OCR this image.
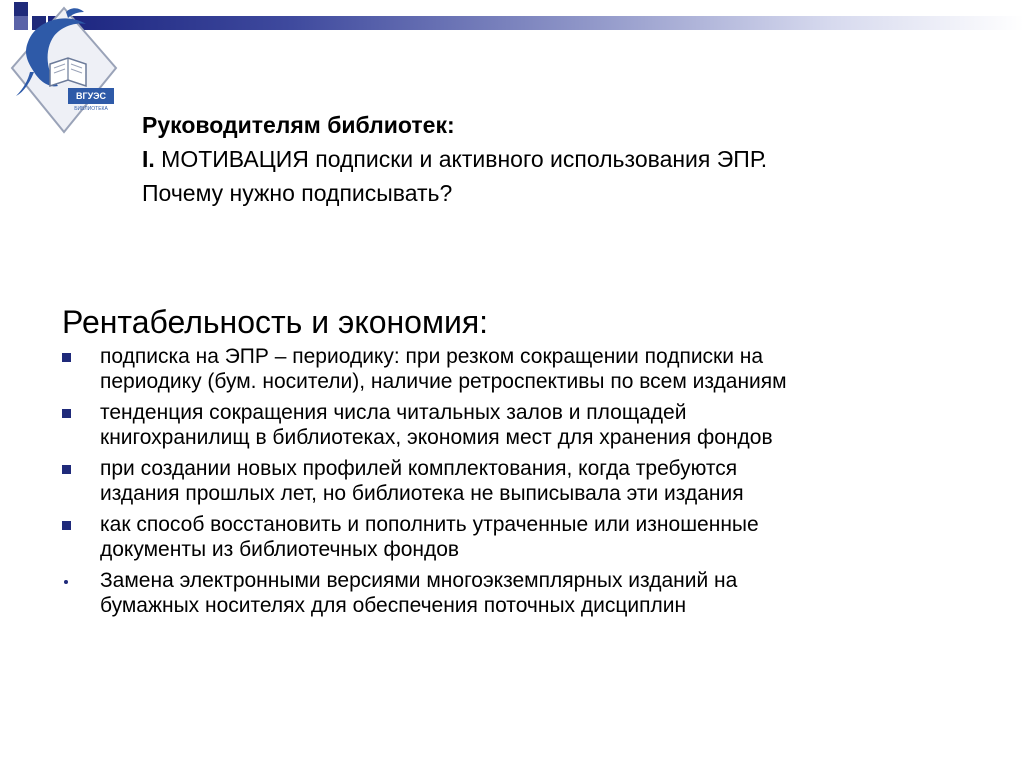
ВГУЭС
БИБЛИОТЕКА
Руководителям библиотек:
I. МОТИВАЦИЯ подписки и активного использования ЭПР.
Почему нужно подписывать?
Рентабельность и экономия:
подписка на ЭПР – периодику: при резком сокращении подписки на
периодику (бум. носители), наличие ретроспективы по всем изданиям
тенденция сокращения числа читальных залов и площадей
книгохранилищ в библиотеках, экономия мест для хранения фондов
при создании новых профилей комплектования, когда требуются
издания прошлых лет, но библиотека не выписывала эти издания
как способ восстановить и пополнить утраченные или изношенные
документы из библиотечных фондов
Замена электронными версиями многоэкземплярных изданий на
бумажных носителях для обеспечения поточных дисциплин
